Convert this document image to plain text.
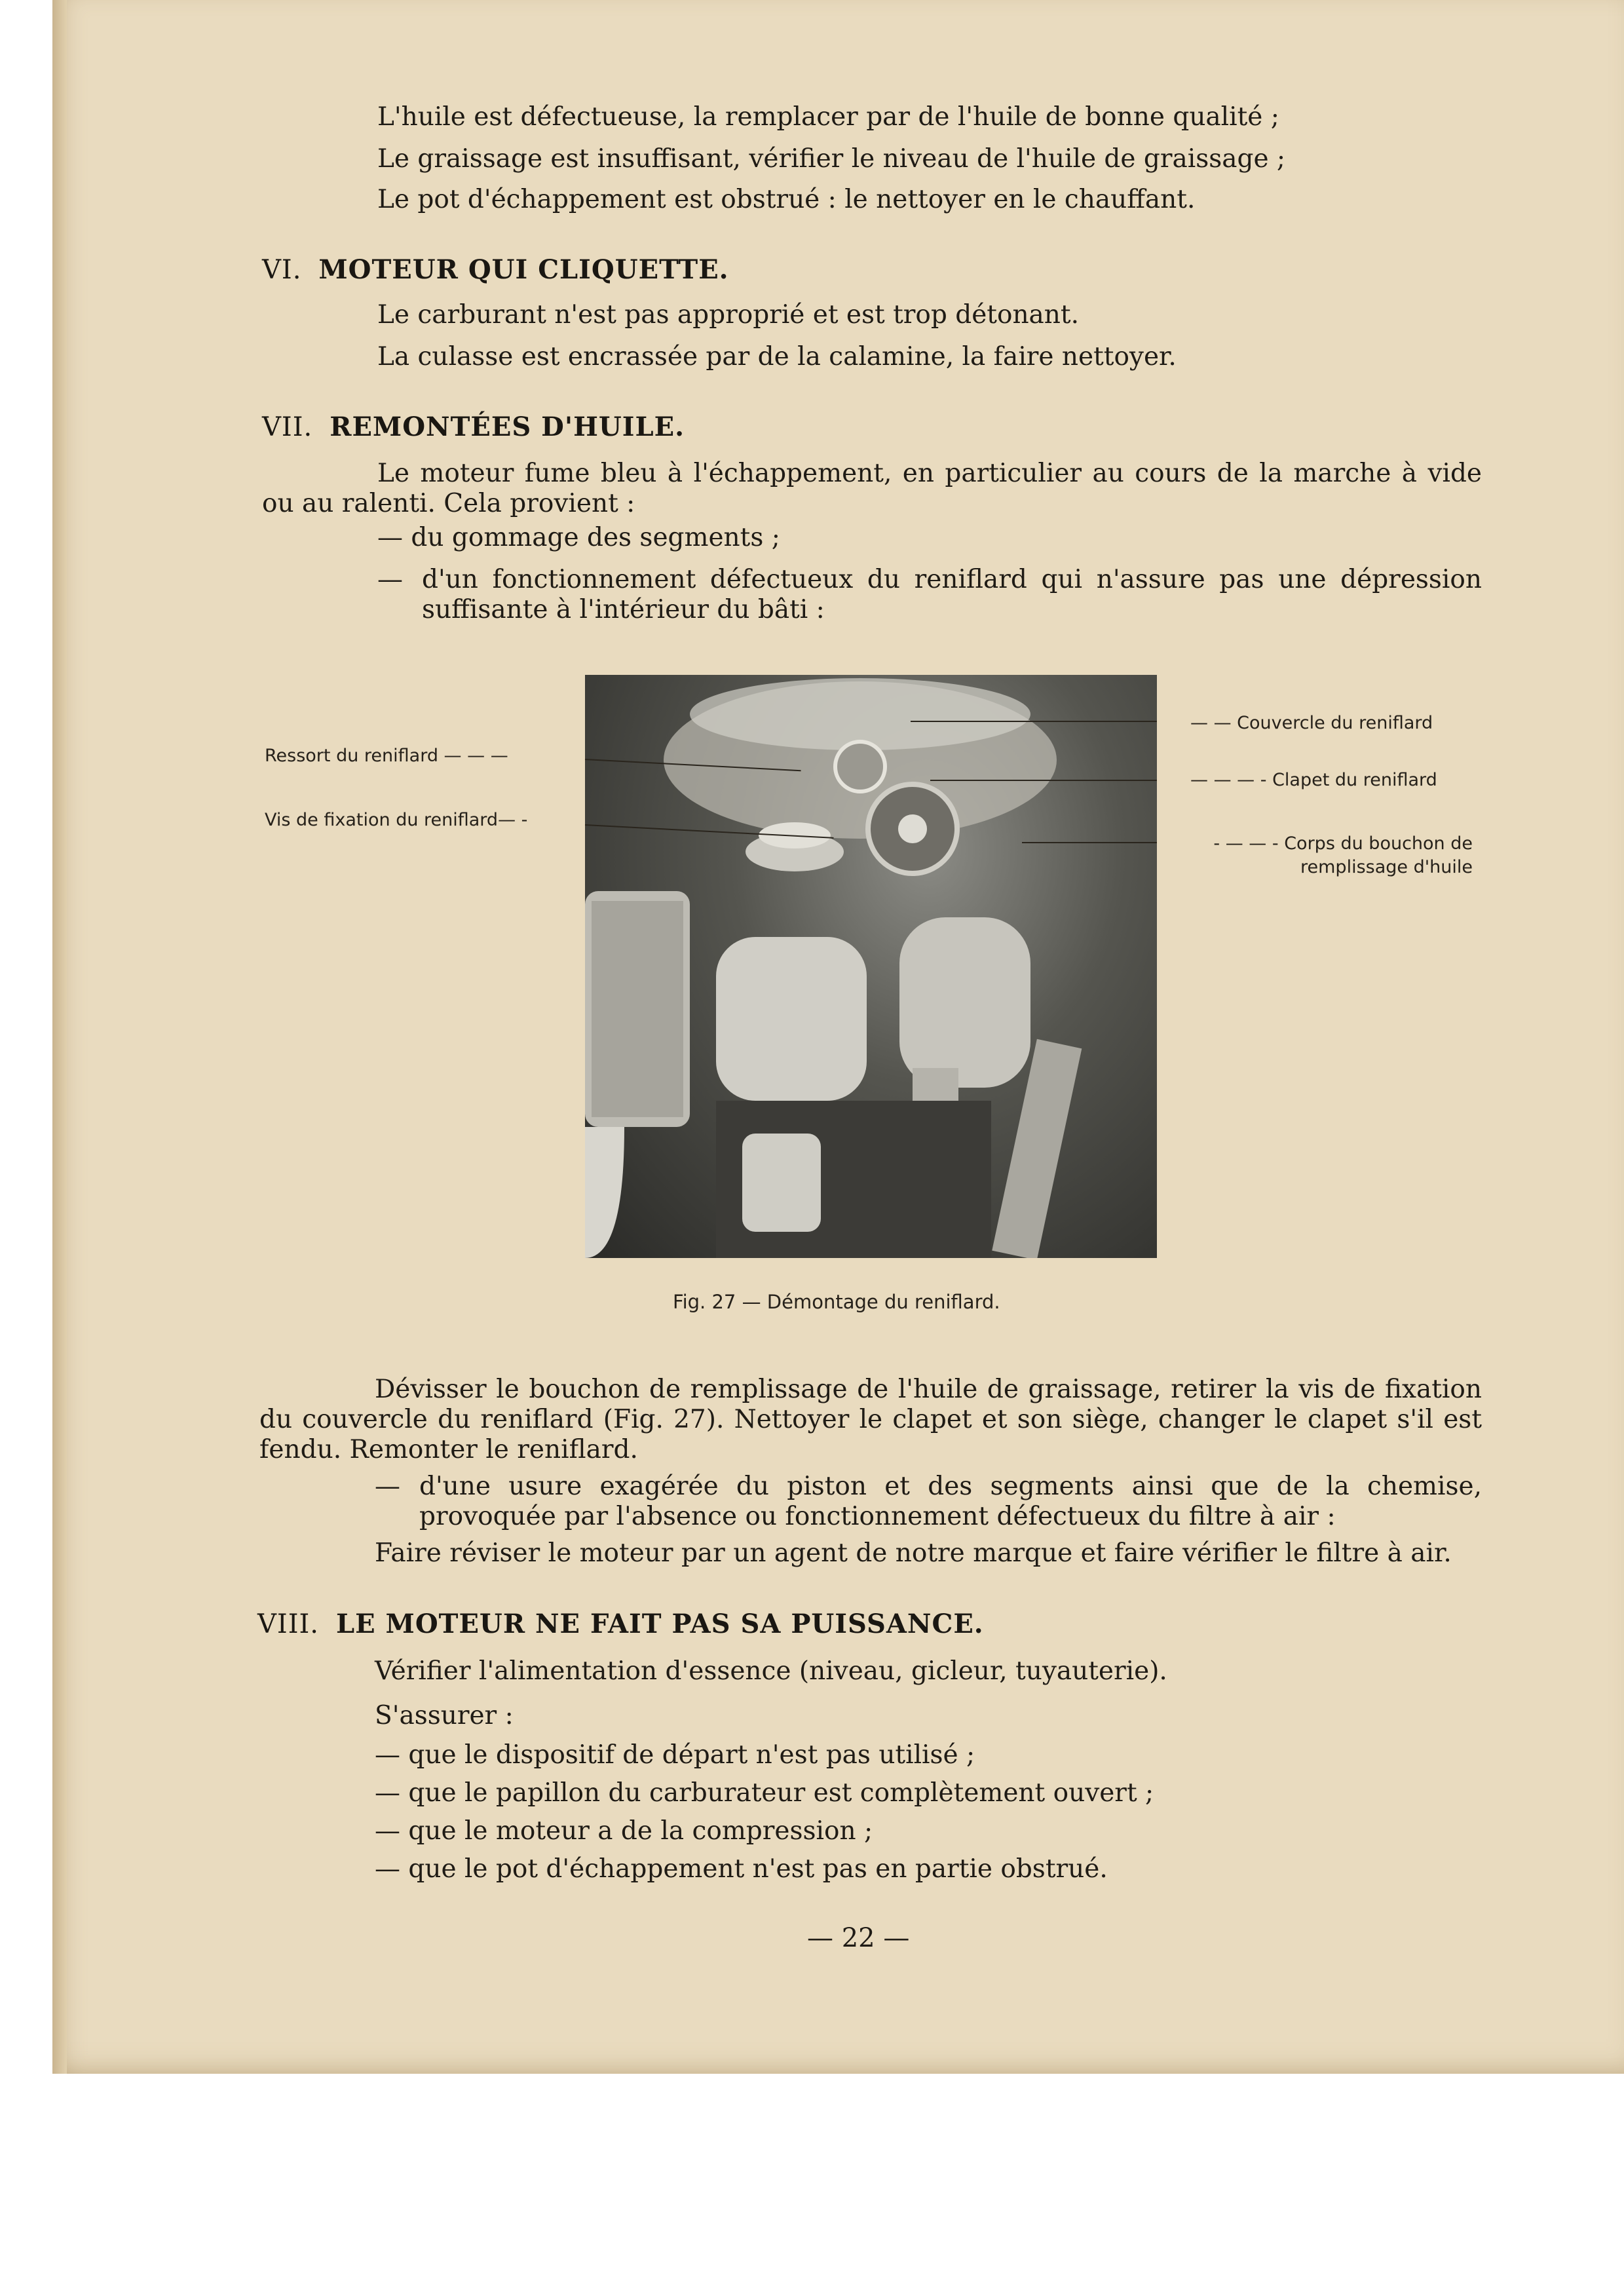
L'huile est défectueuse, la remplacer par de l'huile de bonne qualité ;
Le graissage est insuffisant, vérifier le niveau de l'huile de graissage ;
Le pot d'échappement est obstrué : le nettoyer en le chauffant.
VI. MOTEUR QUI CLIQUETTE.
Le carburant n'est pas approprié et est trop détonant.
La culasse est encrassée par de la calamine, la faire nettoyer.
VII. REMONTÉES D'HUILE.
Le moteur fume bleu à l'échappement, en particulier au cours de la marche à vide ou au ralenti. Cela provient :
— du gommage des segments ;
— d'un fonctionnement défectueux du reniflard qui n'assure pas une dépression suffisante à l'intérieur du bâti :
Ressort du reniflard — — —
Vis de fixation du reniflard— -
— — Couvercle du reniflard
— — — - Clapet du reniflard
- — — - Corps du bouchon de remplissage d'huile
Fig. 27 — Démontage du reniflard.
Dévisser le bouchon de remplissage de l'huile de graissage, retirer la vis de fixation du couvercle du reniflard (Fig. 27). Nettoyer le clapet et son siège, changer le clapet s'il est fendu. Remonter le reniflard.
— d'une usure exagérée du piston et des segments ainsi que de la chemise, provoquée par l'absence ou fonctionnement défectueux du filtre à air :
Faire réviser le moteur par un agent de notre marque et faire vérifier le filtre à air.
VIII. LE MOTEUR NE FAIT PAS SA PUISSANCE.
Vérifier l'alimentation d'essence (niveau, gicleur, tuyauterie).
S'assurer :
— que le dispositif de départ n'est pas utilisé ;
— que le papillon du carburateur est complètement ouvert ;
— que le moteur a de la compression ;
— que le pot d'échappement n'est pas en partie obstrué.
— 22 —
